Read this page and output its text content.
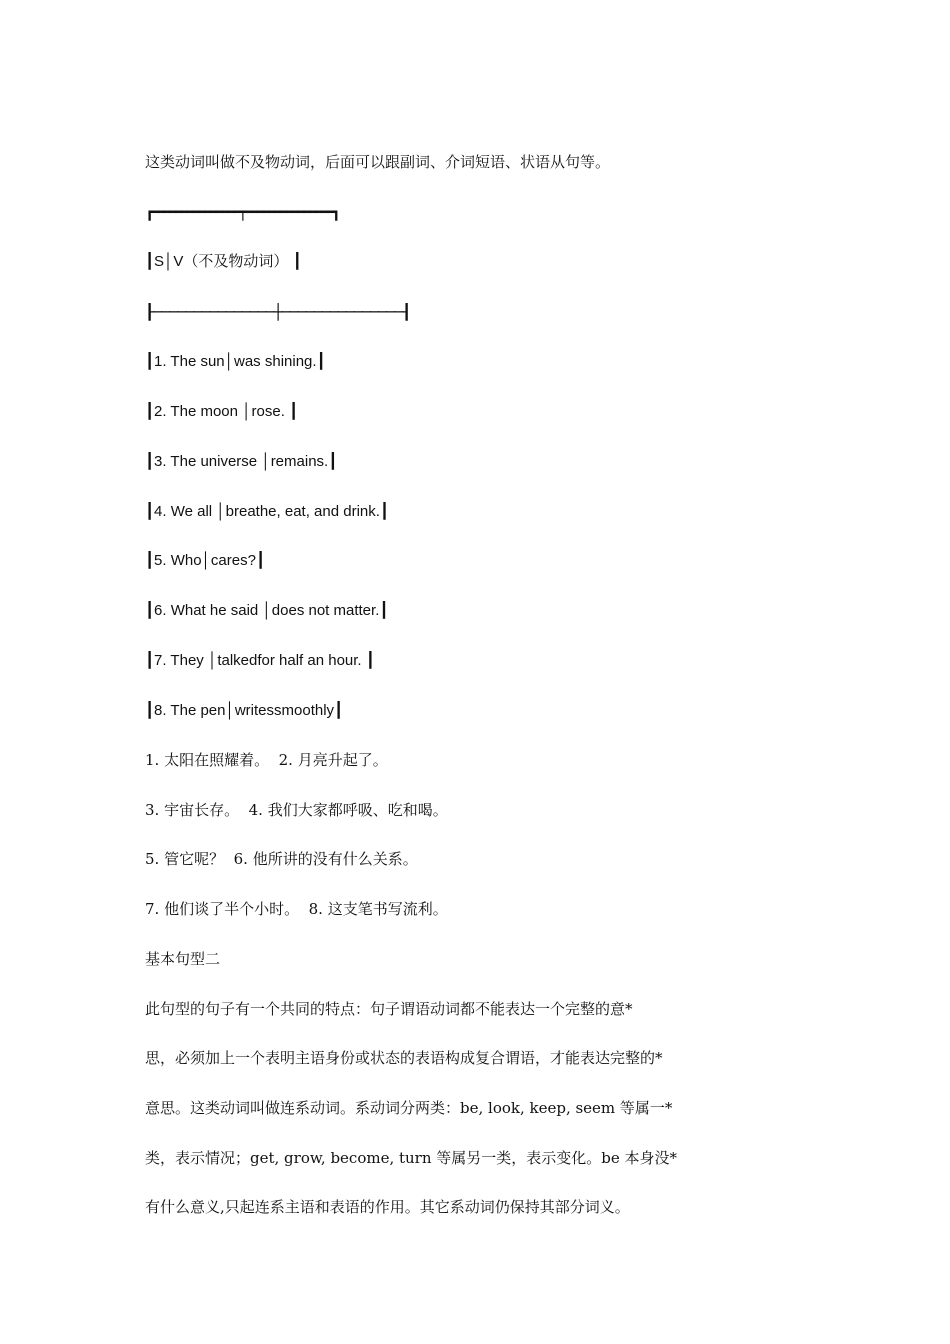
这类动词叫做不及物动词，后面可以跟副词、介词短语、状语从句等。
┏━━━━━━━━━━━━━━━┯━━━━━━━━━━━━━━━┓
┃S│V（不及物动词） ┃
┠───────────────┼───────────────┨
┃1. The sun│was shining.┃
┃2. The moon │rose. ┃
┃3. The universe │remains.┃
┃4. We all │breathe, eat, and drink.┃
┃5. Who│cares?┃
┃6. What he said │does not matter.┃
┃7. They │talkedfor half an hour. ┃
┃8. The pen│writessmoothly┃
1. 太阳在照耀着。  2. 月亮升起了。
3. 宇宙长存。  4. 我们大家都呼吸、吃和喝。
5. 管它呢？  6. 他所讲的没有什么关系。
7. 他们谈了半个小时。  8. 这支笔书写流利。
基本句型二
此句型的句子有一个共同的特点：句子谓语动词都不能表达一个完整的意*
思，必须加上一个表明主语身份或状态的表语构成复合谓语，才能表达完整的*
意思。这类动词叫做连系动词。系动词分两类：be, look, keep, seem 等属一*
类，表示情况；get, grow, become, turn 等属另一类，表示变化。be 本身没*
有什么意义,只起连系主语和表语的作用。其它系动词仍保持其部分词义。
